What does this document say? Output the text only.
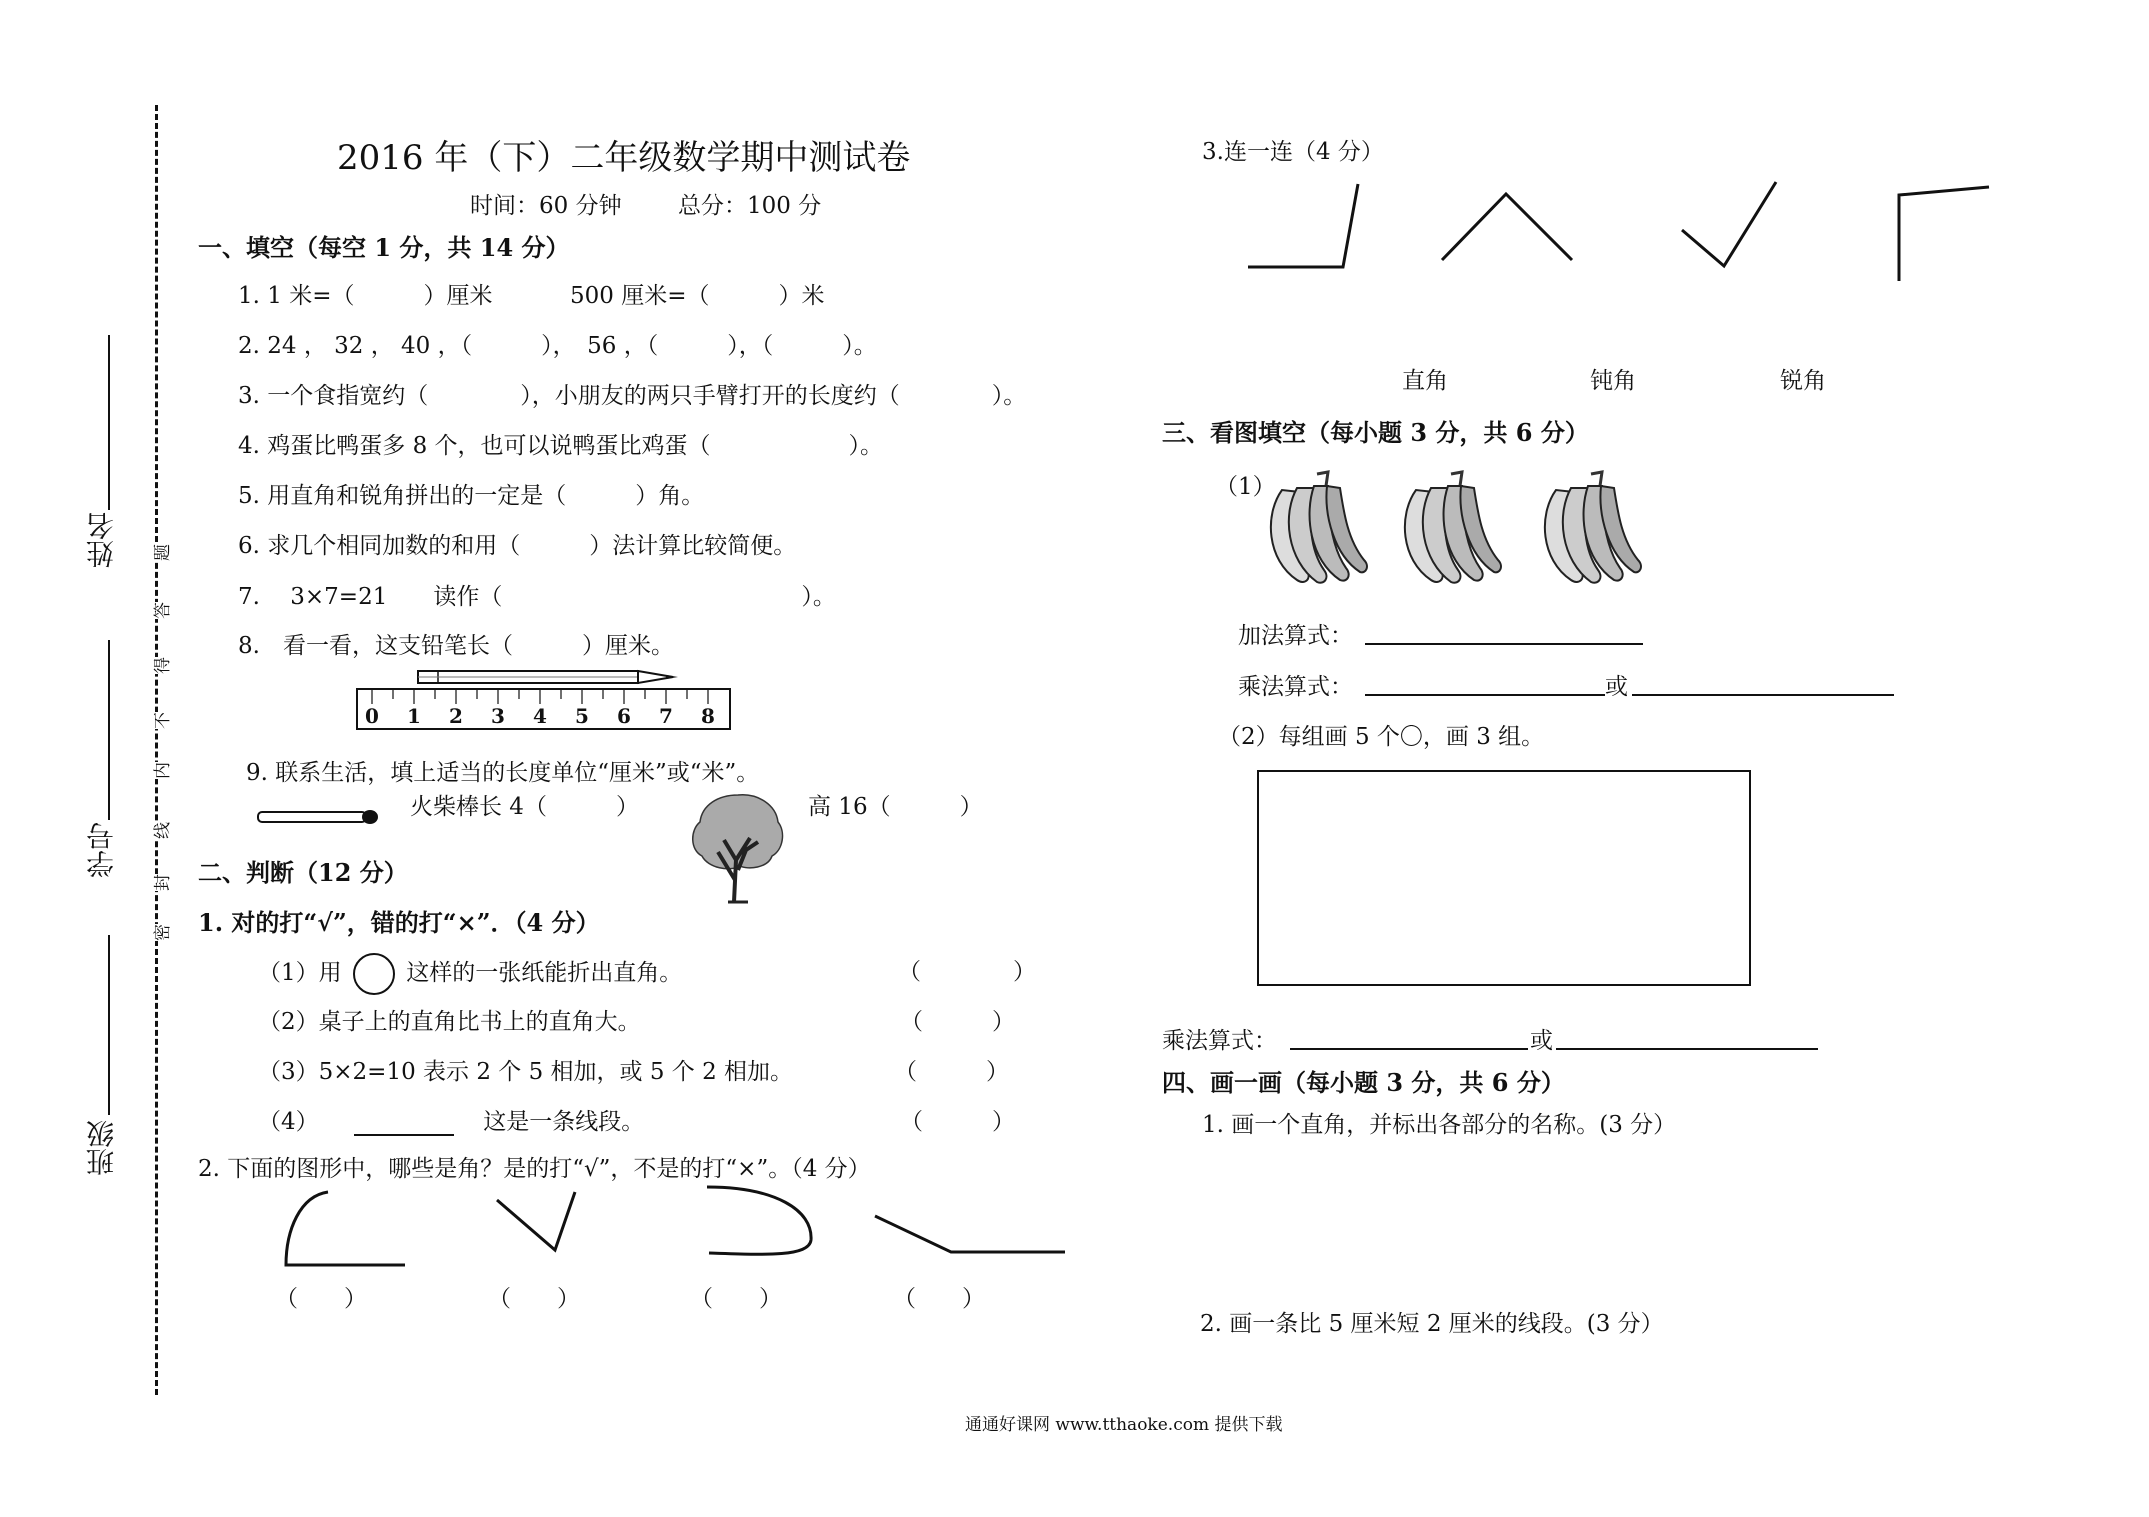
班级
学号
姓名
密
封
线
内
不
得
答
题
2016 年（下）二年级数学期中测试卷
时间：60 分钟 总分：100 分
一、填空（每空 1 分，共 14 分）
1. 1 米=（　　　）厘米	500 厘米=（　　　）米
2. 24 ， 32 ， 40 ，（　　　），　56 ，（　　　），（　　　）。
3. 一个食指宽约（　　　　），小朋友的两只手臂打开的长度约（　　　　）。
4. 鸡蛋比鸭蛋多 8 个，也可以说鸭蛋比鸡蛋（　　　　　　）。
5. 用直角和锐角拼出的一定是（　　　）角。
6. 求几个相同加数的和用（　　　）法计算比较简便。
7.　 3×7=21　　读作（　　　　　　　　　　　　　）。
8.　看一看，这支铅笔长（　　　）厘米。
0 1 2 3 4 5 6 7 8
9. 联系生活，填上适当的长度单位“厘米”或“米”。
火柴棒长 4（　　　）	高 16（　　　）
二、判断（12 分）
1. 对的打“√”，错的打“×”．（4 分）
（1）用	这样的一张纸能折出直角。	（　　　　）
（2）桌子上的直角比书上的直角大。	（　　　）
（3）5×2=10 表示 2 个 5 相加，或 5 个 2 相加。	（　　　）
（4）	这是一条线段。	（　　　）
2. 下面的图形中，哪些是角？是的打“√”，不是的打“×”。（4 分）
（　　）	（　　）	（　　）	（　　）
3.连一连（4 分）
直角	钝角	锐角
三、看图填空（每小题 3 分，共 6 分）
（1）
加法算式：
乘法算式：	或
（2）每组画 5 个〇，画 3 组。
乘法算式：	或
四、画一画（每小题 3 分，共 6 分）
1. 画一个直角，并标出各部分的名称。(3 分）
2. 画一条比 5 厘米短 2 厘米的线段。(3 分）
通通好课网 www.tthaoke.com 提供下载
